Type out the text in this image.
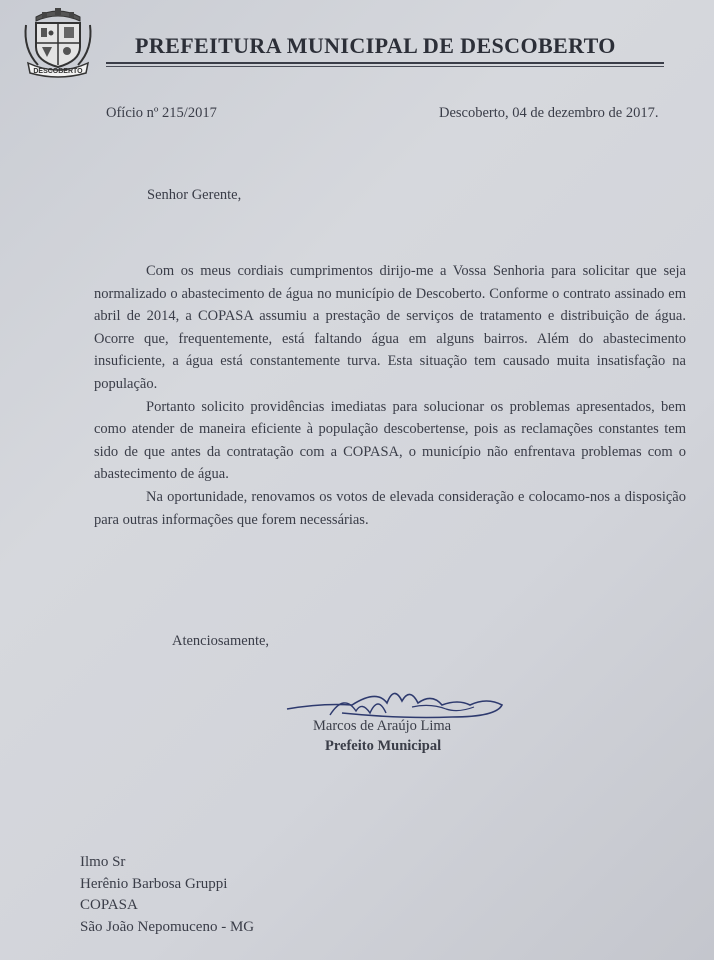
DESCOBERTO
PREFEITURA MUNICIPAL DE DESCOBERTO
Ofício nº 215/2017	Descoberto, 04 de dezembro de 2017.
Senhor Gerente,

Com os meus cordiais cumprimentos dirijo-me a Vossa Senhoria para solicitar que seja normalizado o abastecimento de água no município de Descoberto. Conforme o contrato assinado em abril de 2014, a COPASA assumiu a prestação de serviços de tratamento e distribuição de água. Ocorre que, frequentemente, está faltando água em alguns bairros. Além do abastecimento insuficiente, a água está constantemente turva. Esta situação tem causado muita insatisfação na população.

Portanto solicito providências imediatas para solucionar os problemas apresentados, bem como atender de maneira eficiente à população descobertense, pois as reclamações constantes tem sido de que antes da contratação com a COPASA, o município não enfrentava problemas com o abastecimento de água.

Na oportunidade, renovamos os votos de elevada consideração e colocamo-nos a disposição para outras informações que forem necessárias.

Atenciosamente,
Marcos de Araújo Lima
Prefeito Municipal
Ilmo Sr
Herênio Barbosa Gruppi
COPASA
São João Nepomuceno - MG
